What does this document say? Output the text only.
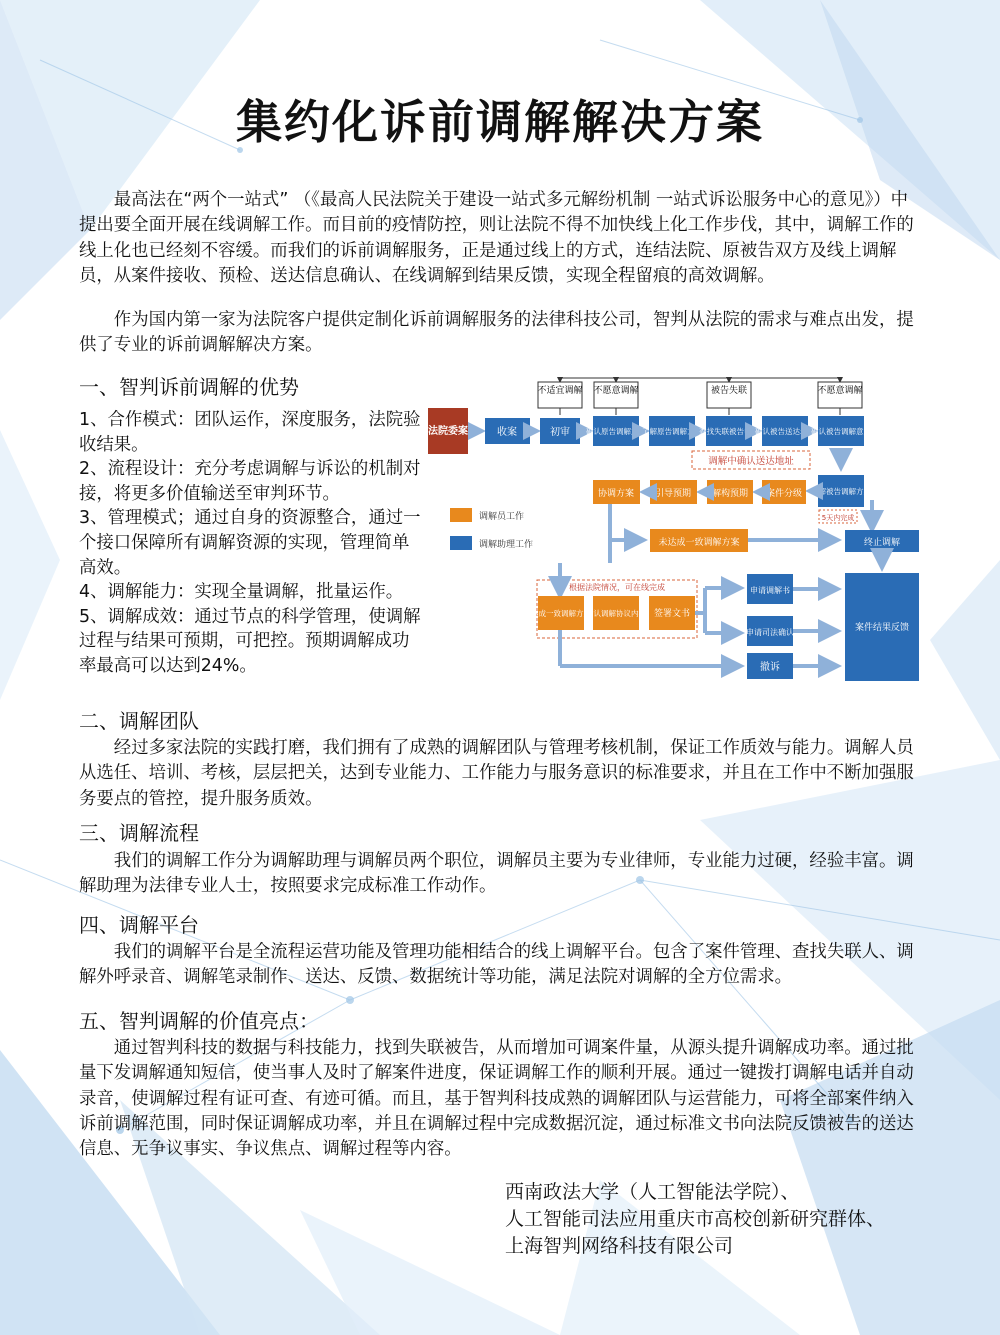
集约化诉前调解解决方案

最高法在“两个一站式” （《最高人民法院关于建设一站式多元解纷机制 一站式诉讼服务中心的意见》）中提出要全面开展在线调解工作。而目前的疫情防控，则让法院不得不加快线上化工作步伐，其中，调解工作的线上化也已经刻不容缓。而我们的诉前调解服务，正是通过线上的方式，连结法院、原被告双方及线上调解员，从案件接收、预检、送达信息确认、在线调解到结果反馈，实现全程留痕的高效调解。

作为国内第一家为法院客户提供定制化诉前调解服务的法律科技公司，智判从法院的需求与难点出发，提供了专业的诉前调解解决方案。

一、智判诉前调解的优势
1、合作模式：团队运作，深度服务，法院验收结果。
2、流程设计：充分考虑调解与诉讼的机制对接，将更多价值输送至审判环节。
3、管理模式；通过自身的资源整合，通过一个接口保障所有调解资源的实现，管理简单高效。
4、调解能力：实现全量调解，批量运作。
5、调解成效：通过节点的科学管理，使调解过程与结果可预期，可把控。预期调解成功率最高可以达到24%。
不适宜调解 不愿意调解	被告失联	不愿意调解
法院委案	收案	初审 确认原告调解意愿
了解原告调解方案
查找失联被告电话
确认被告送达地址
确认被告调解意愿
调解中确认送达地址
了解被告调解方案
5天内完成
案件分级
解构预期
引导预期
协调方案
调解员工作
调解助理工作	未达成一致调解方案	终止调解
根据法院情况，可在线完成
达成一致调解方案
确认调解协议内容 签署文书
申请调解书
申请司法确认
撤诉
案件结果反馈
二、调解团队

经过多家法院的实践打磨，我们拥有了成熟的调解团队与管理考核机制，保证工作质效与能力。调解人员从选任、培训、考核，层层把关，达到专业能力、工作能力与服务意识的标准要求，并且在工作中不断加强服务要点的管控，提升服务质效。

三、调解流程

我们的调解工作分为调解助理与调解员两个职位，调解员主要为专业律师，专业能力过硬，经验丰富。调解助理为法律专业人士，按照要求完成标准工作动作。

四、调解平台

我们的调解平台是全流程运营功能及管理功能相结合的线上调解平台。包含了案件管理、查找失联人、调解外呼录音、调解笔录制作、送达、反馈、数据统计等功能，满足法院对调解的全方位需求。

五、智判调解的价值亮点：

通过智判科技的数据与科技能力，找到失联被告，从而增加可调案件量，从源头提升调解成功率。通过批量下发调解通知短信，使当事人及时了解案件进度，保证调解工作的顺利开展。通过一键拨打调解电话并自动录音，使调解过程有证可查、有迹可循。而且，基于智判科技成熟的调解团队与运营能力，可将全部案件纳入诉前调解范围，同时保证调解成功率，并且在调解过程中完成数据沉淀，通过标准文书向法院反馈被告的送达信息、无争议事实、争议焦点、调解过程等内容。

西南政法大学（人工智能法学院）、
人工智能司法应用重庆市高校创新研究群体、
上海智判网络科技有限公司
